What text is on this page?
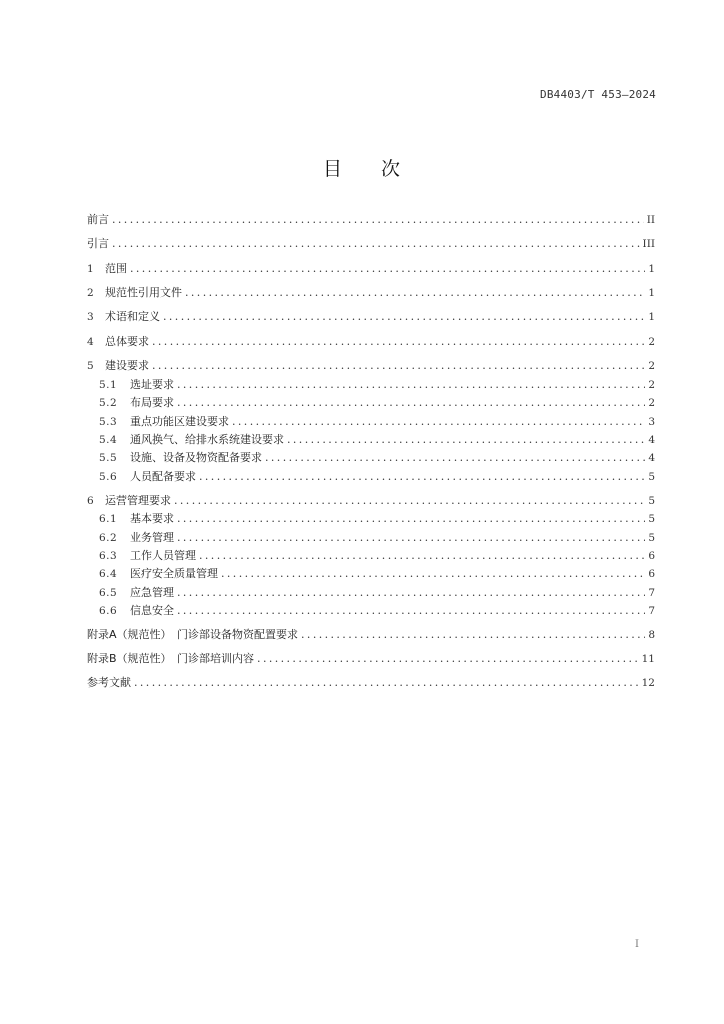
DB4403/T 453—2024
目 次
前言 .....	II
引言 .....	III
1	范围 .....	1
2	规范性引用文件 .....	1
3	术语和定义 .....	1
4	总体要求 .....	2
5	建设要求 .....	2
5.1	选址要求 .....	2
5.2	布局要求 .....	2
5.3	重点功能区建设要求 .....	3
5.4	通风换气、给排水系统建设要求 .....	4
5.5	设施、设备及物资配备要求 .....	4
5.6	人员配备要求 .....	5
6	运营管理要求 .....	5
6.1	基本要求 .....	5
6.2	业务管理 .....	5
6.3	工作人员管理 .....	6
6.4	医疗安全质量管理 .....	6
6.5	应急管理 .....	7
6.6	信息安全 .....	7
附录A（规范性）　门诊部设备物资配置要求 .....	8
附录B（规范性）　门诊部培训内容 .....	11
参考文献 .....	12
I
